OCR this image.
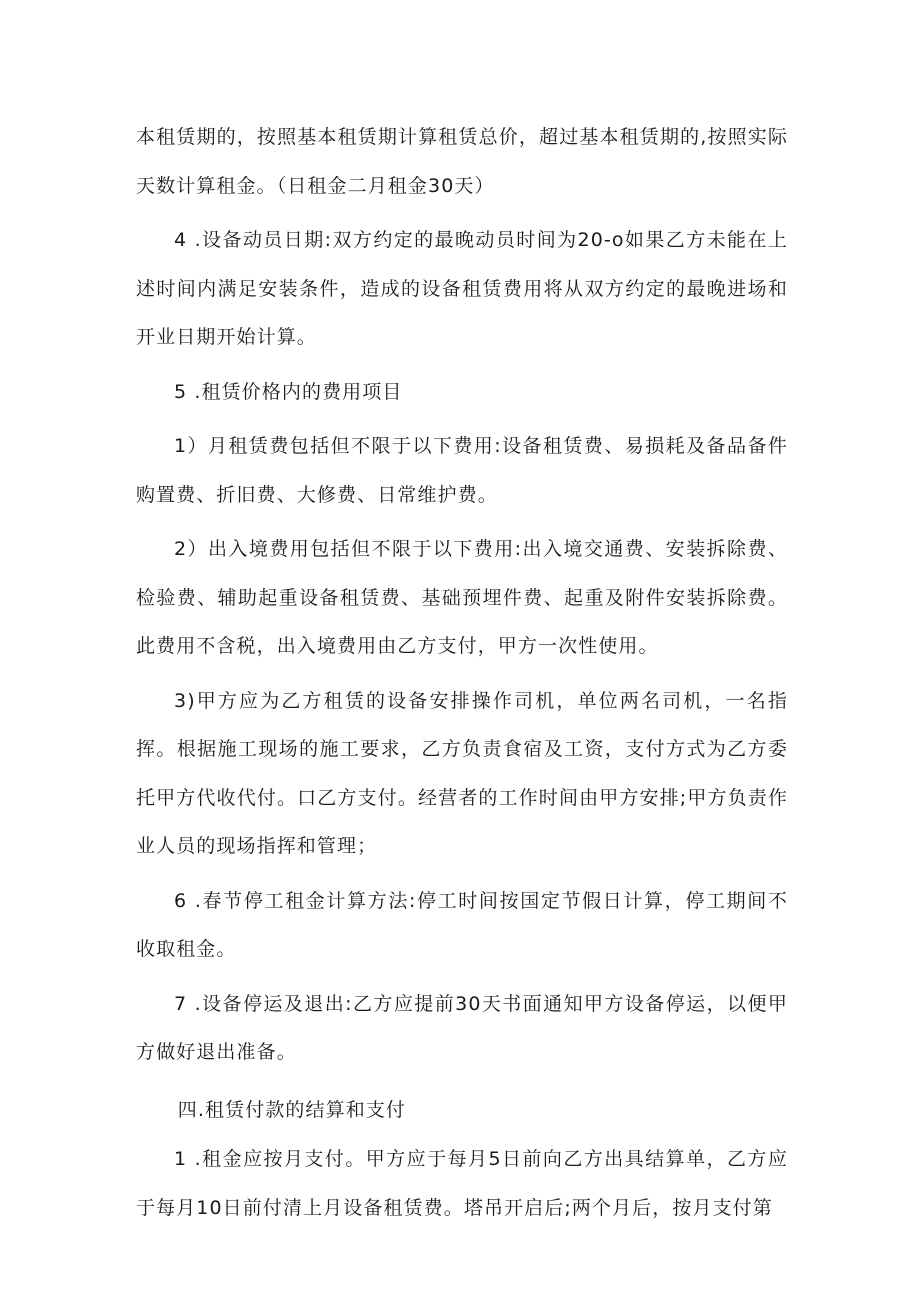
本租赁期的，按照基本租赁期计算租赁总价，超过基本租赁期的,按照实际天数计算租金。（日租金二月租金30天）

4 .设备动员日期:双方约定的最晚动员时间为20-o如果乙方未能在上述时间内满足安装条件，造成的设备租赁费用将从双方约定的最晚进场和开业日期开始计算。

5 .租赁价格内的费用项目

1）月租赁费包括但不限于以下费用:设备租赁费、易损耗及备品备件购置费、折旧费、大修费、日常维护费。

2）出入境费用包括但不限于以下费用:出入境交通费、安装拆除费、检验费、辅助起重设备租赁费、基础预埋件费、起重及附件安装拆除费。此费用不含税，出入境费用由乙方支付，甲方一次性使用。

3)甲方应为乙方租赁的设备安排操作司机，单位两名司机，一名指挥。根据施工现场的施工要求，乙方负责食宿及工资，支付方式为乙方委托甲方代收代付。口乙方支付。经营者的工作时间由甲方安排;甲方负责作业人员的现场指挥和管理；

6 .春节停工租金计算方法:停工时间按国定节假日计算，停工期间不收取租金。

7 .设备停运及退出:乙方应提前30天书面通知甲方设备停运，以便甲方做好退出准备。

四.租赁付款的结算和支付

1 .租金应按月支付。甲方应于每月5日前向乙方出具结算单，乙方应于每月10日前付清上月设备租赁费。塔吊开启后;两个月后，按月支付第
